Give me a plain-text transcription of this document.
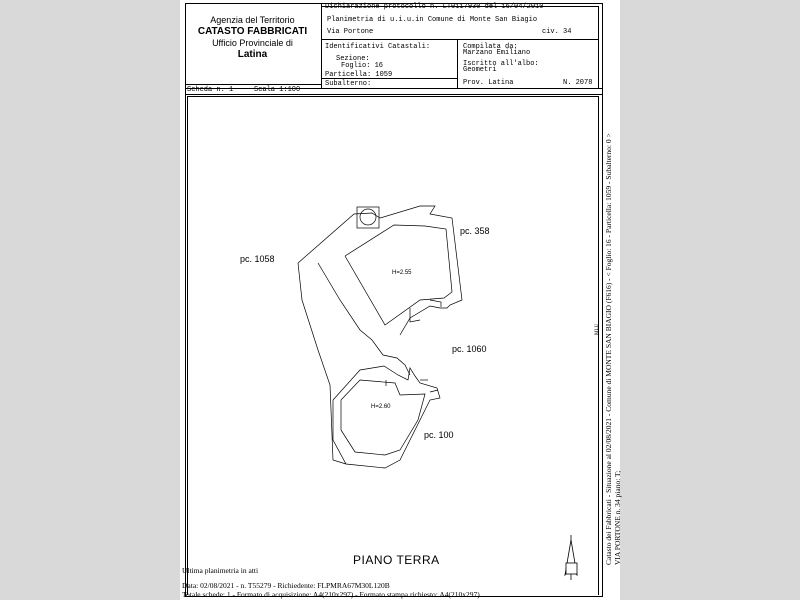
Agenzia del Territorio
CATASTO FABBRICATI
Ufficio Provinciale di
Latina
Dichiarazione protocollo n. LT0117930 del 16/04/2010
Planimetria di u.i.u.in Comune di Monte San Biagio
Via Portone	civ. 34
Identificativi Catastali:
Sezione:
Foglio: 16
Particella: 1059
Subalterno:
Compilata da:
Marzano Emiliano
Iscritto all'albo:
Geometri
Prov. Latina	N. 2078
Scheda n. 1	Scala 1:100
MLU
pc. 1058
pc. 358
pc. 1060
pc. 100
H=2.55
H=2.60
PIANO TERRA
Ultima planimetria in atti
Data: 02/08/2021 - n. T55279 - Richiedente: FLPMRA67M30L120B
Totale schede: 1 - Formato di acquisizione: A4(210x297) - Formato stampa richiesto: A4(210x297)
Catasto dei Fabbricati - Situazione al 02/08/2021 - Comune di MONTE SAN BIAGIO (F616) - < Foglio: 16 - Particella: 1059 - Subalterno: 0 > VIA PORTONE n. 34 piano: T;
